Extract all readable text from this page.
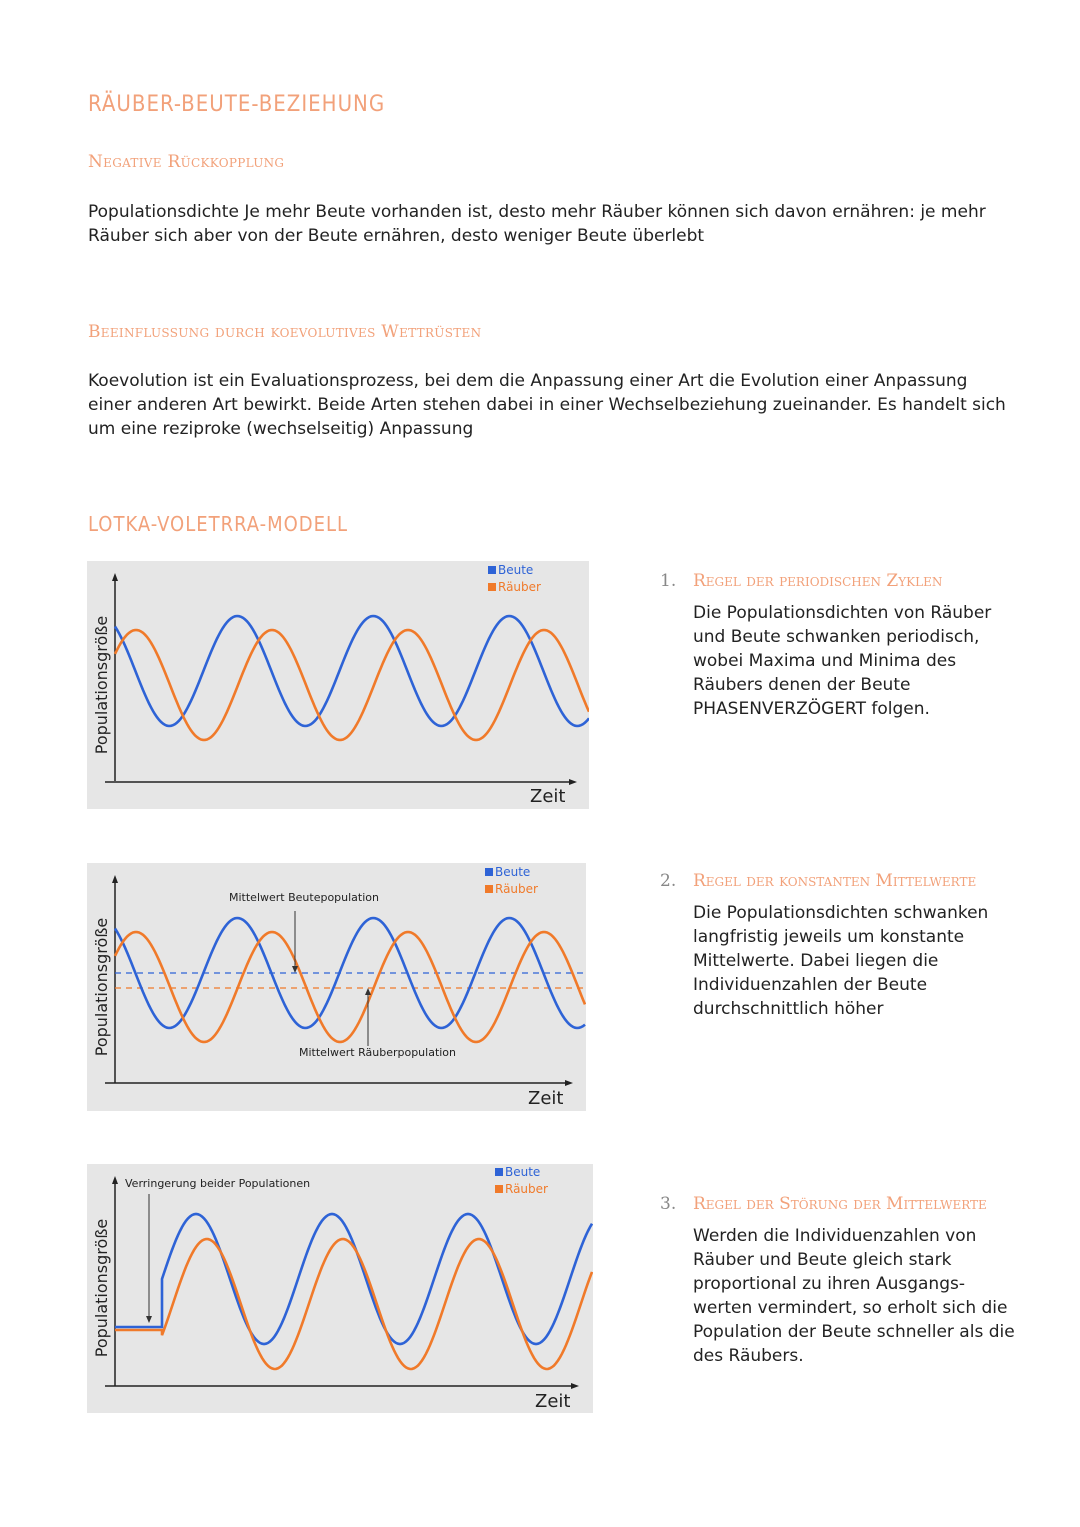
RÄUBER-BEUTE-BEZIEHUNG
Negative Rückkopplung
Populationsdichte Je mehr Beute vorhanden ist, desto mehr Räuber können sich davon ernähren: je mehr Räuber sich aber von der Beute ernähren, desto weniger Beute überlebt
Beeinflussung durch koevolutives Wettrüsten
Koevolution ist ein Evaluationsprozess, bei dem die Anpassung einer Art die Evolution einer Anpassung einer anderen Art bewirkt. Beide Arten stehen dabei in einer Wechselbeziehung zueinander. Es handelt sich um eine reziproke (wechselseitig) Anpassung
LOTKA-VOLETRRA-MODELL
Beute
Räuber
Populationsgröße
Zeit
Mittelwert Beutepopulation
Mittelwert Räuberpopulation
Beute
Räuber
Populationsgröße
Zeit
Verringerung beider Populationen
Beute
Räuber
Populationsgröße
Zeit
1. Regel der periodischen Zyklen
Die Populationsdichten von Räuber und Beute schwanken periodisch, wobei Maxima und Minima des Räubers denen der Beute PHASENVERZÖGERT folgen.
2. Regel der konstanten Mittelwerte
Die Populationsdichten schwanken langfristig jeweils um konstante Mittelwerte. Dabei liegen die Individuenzahlen der Beute durchschnittlich höher
3. Regel der Störung der Mittelwerte
Werden die Individuenzahlen von Räuber und Beute gleich stark proportional zu ihren Ausgangs- werten vermindert, so erholt sich die Population der Beute schneller als die des Räubers.
